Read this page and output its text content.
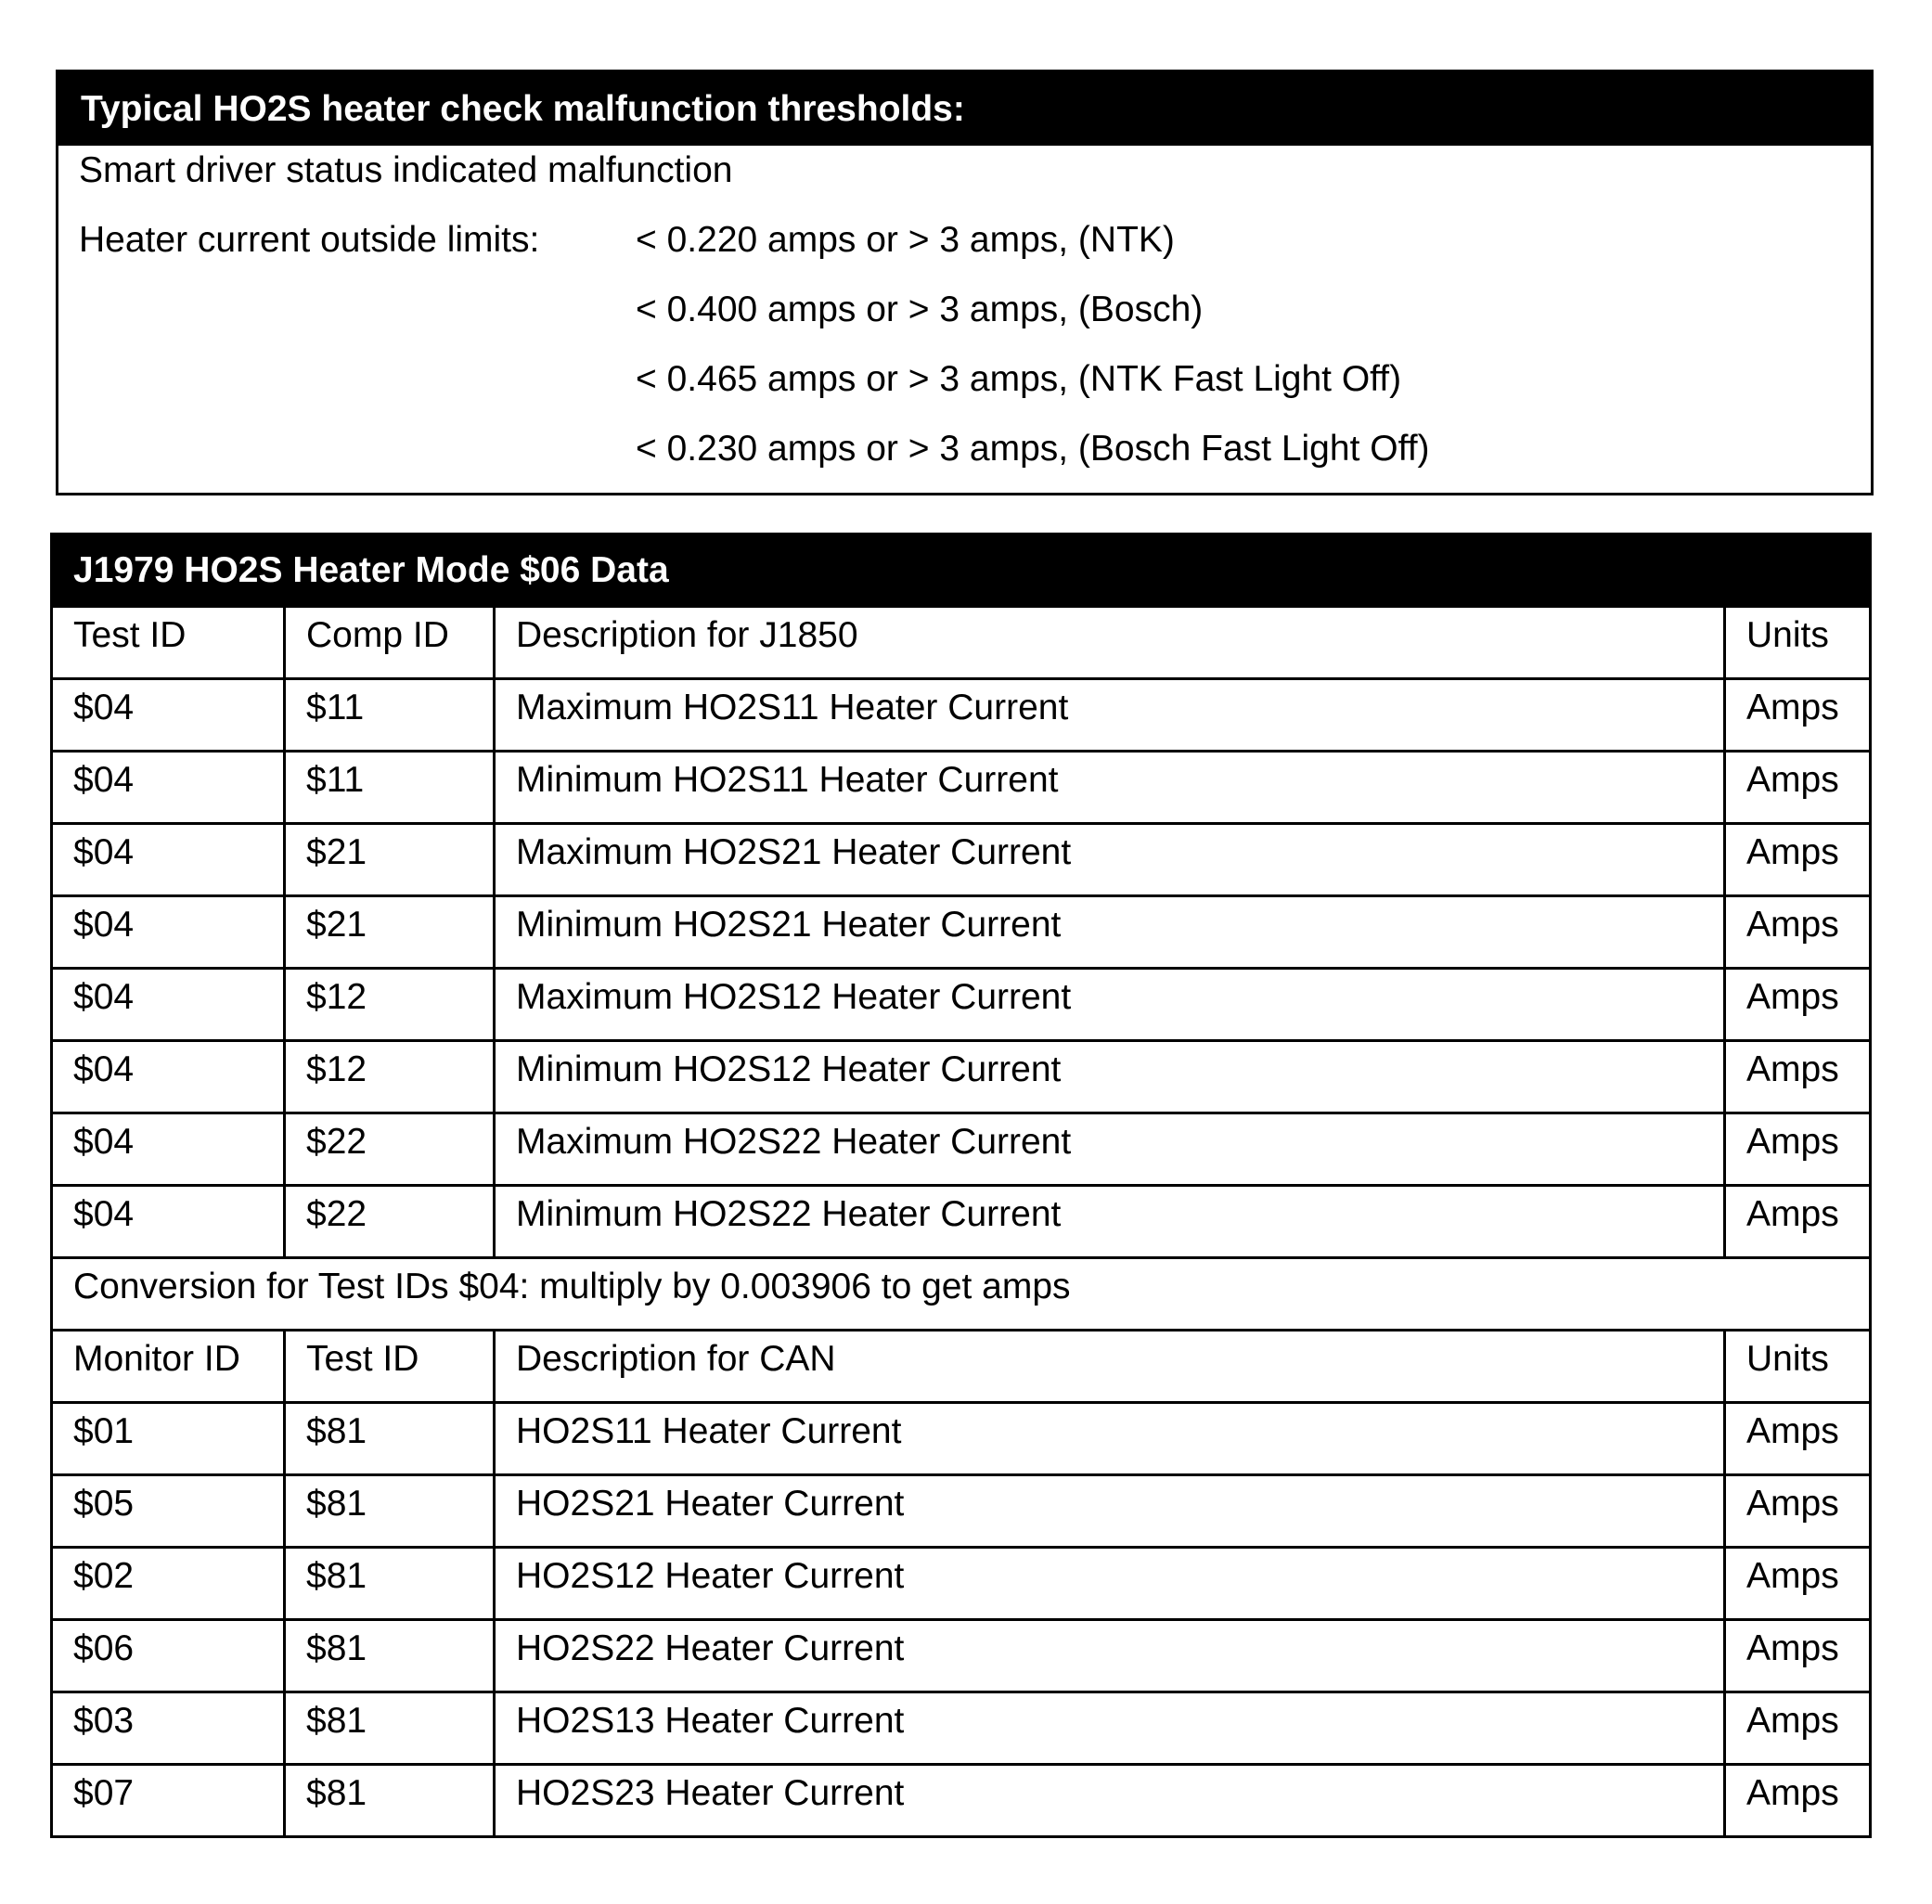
Typical HO2S heater check malfunction thresholds:
Smart driver status indicated malfunction
Heater current outside limits:	< 0.220 amps or > 3 amps, (NTK)
< 0.400 amps or > 3 amps, (Bosch)
< 0.465 amps or > 3 amps, (NTK Fast Light Off)
< 0.230 amps or > 3 amps, (Bosch Fast Light Off)
J1979 HO2S Heater Mode $06 Data			
Test ID	Comp ID	Description for J1850	Units
$04	$11	Maximum HO2S11 Heater Current	Amps
$04	$11	Minimum HO2S11 Heater Current	Amps
$04	$21	Maximum HO2S21 Heater Current	Amps
$04	$21	Minimum HO2S21 Heater Current	Amps
$04	$12	Maximum HO2S12 Heater Current	Amps
$04	$12	Minimum HO2S12 Heater Current	Amps
$04	$22	Maximum HO2S22 Heater Current	Amps
$04	$22	Minimum HO2S22 Heater Current	Amps
Conversion for Test IDs $04: multiply by 0.003906 to get amps			
Monitor ID	Test ID	Description for CAN	Units
$01	$81	HO2S11 Heater Current	Amps
$05	$81	HO2S21 Heater Current	Amps
$02	$81	HO2S12 Heater Current	Amps
$06	$81	HO2S22 Heater Current	Amps
$03	$81	HO2S13 Heater Current	Amps
$07	$81	HO2S23 Heater Current	Amps
